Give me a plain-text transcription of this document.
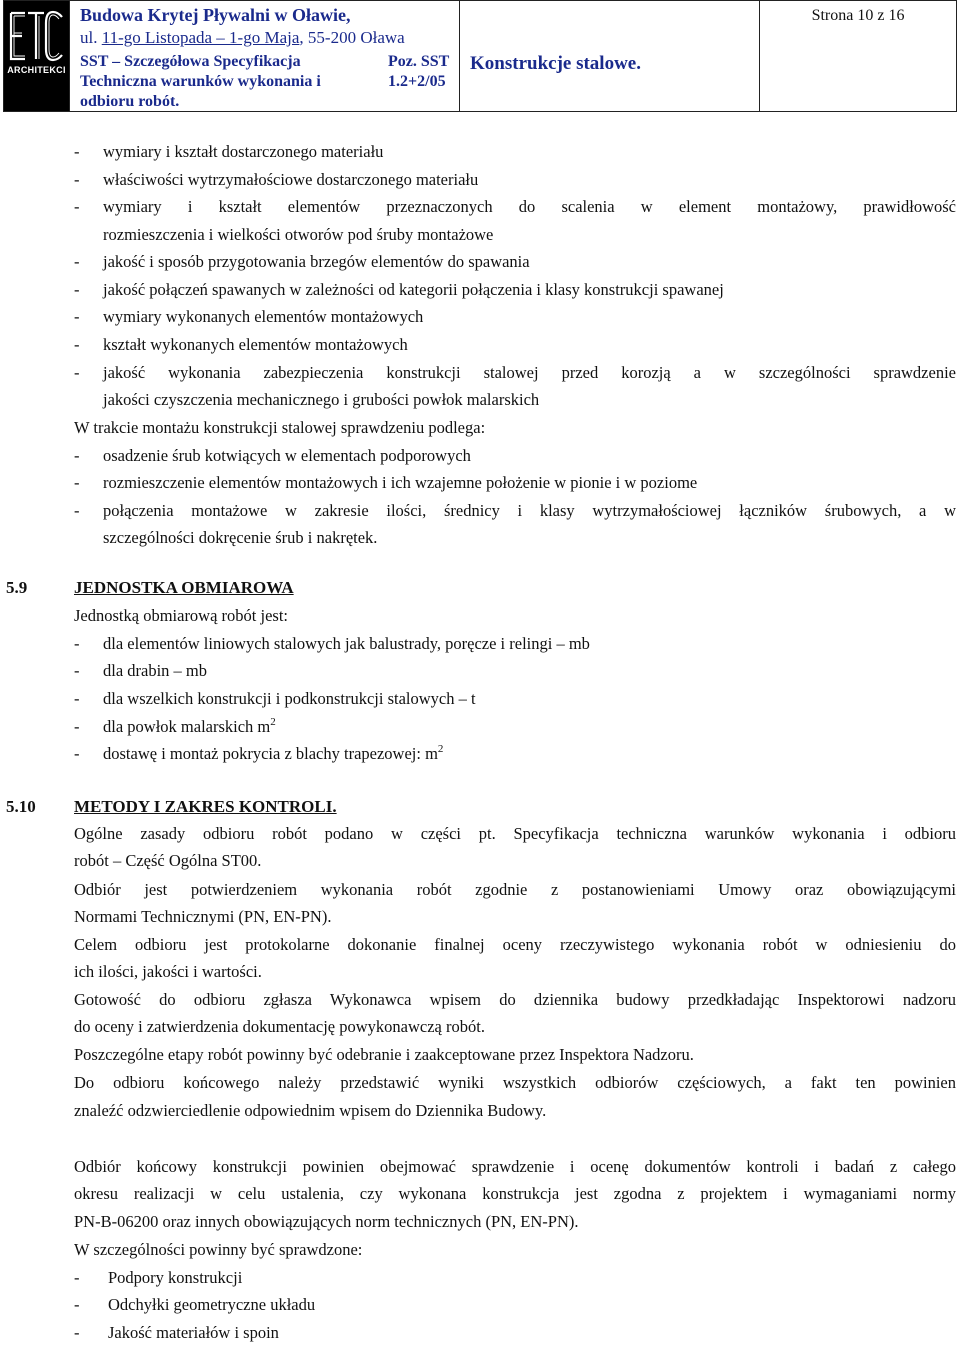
ARCHITEKCI
Budowa Krytej Pływalni w Oławie,
ul. 11-go Listopada – 1-go Maja, 55-200 Oława
SST – Szczegółowa Specyfikacja
Techniczna warunków wykonania i
odbioru robót.
Poz. SST
1.2+2/05
Konstrukcje stalowe.
Strona 10 z 16
- wymiary i kształt dostarczonego materiału
- właściwości wytrzymałościowe dostarczonego materiału
- wymiary i kształt elementów przeznaczonych do scalenia w element montażowy, prawidłowość
rozmieszczenia i wielkości otworów pod śruby montażowe
- jakość i sposób przygotowania brzegów elementów do spawania
- jakość połączeń spawanych w zależności od kategorii połączenia i klasy konstrukcji spawanej
- wymiary wykonanych elementów montażowych
- kształt wykonanych elementów montażowych
- jakość wykonania zabezpieczenia konstrukcji stalowej przed korozją a w szczególności sprawdzenie
jakości czyszczenia mechanicznego i grubości powłok malarskich
W trakcie montażu konstrukcji stalowej sprawdzeniu podlega:
- osadzenie śrub kotwiących w elementach podporowych
- rozmieszczenie elementów montażowych i ich wzajemne położenie w pionie i w poziome
- połączenia montażowe w zakresie ilości, średnicy i klasy wytrzymałościowej łączników śrubowych, a w
szczególności dokręcenie śrub i nakrętek.
5.9	JEDNOSTKA OBMIAROWA
Jednostką obmiarową robót jest:
- dla elementów liniowych stalowych jak balustrady, poręcze i relingi – mb
- dla drabin – mb
- dla wszelkich konstrukcji i podkonstrukcji stalowych – t
- dla powłok malarskich $m^2$
- dostawę i montaż pokrycia z blachy trapezowej: $m^2$
5.10 METODY I ZAKRES KONTROLI.
Ogólne zasady odbioru robót podano w części pt. Specyfikacja techniczna warunków wykonania i odbioru
robót – Część Ogólna ST00.
Odbiór jest potwierdzeniem wykonania robót zgodnie z postanowieniami Umowy oraz obowiązującymi
Normami Technicznymi (PN, EN-PN).
Celem odbioru jest protokolarne dokonanie finalnej oceny rzeczywistego wykonania robót w odniesieniu do
ich ilości, jakości i wartości.
Gotowość do odbioru zgłasza Wykonawca wpisem do dziennika budowy przedkładając Inspektorowi nadzoru
do oceny i zatwierdzenia dokumentację powykonawczą robót.
Poszczególne etapy robót powinny być odebranie i zaakceptowane przez Inspektora Nadzoru.
Do odbioru końcowego należy przedstawić wyniki wszystkich odbiorów częściowych, a fakt ten powinien
znaleźć odzwierciedlenie odpowiednim wpisem do Dziennika Budowy.
Odbiór końcowy konstrukcji powinien obejmować sprawdzenie i ocenę dokumentów kontroli i badań z całego
okresu realizacji w celu ustalenia, czy wykonana konstrukcja jest zgodna z projektem i wymaganiami normy
PN-B-06200 oraz innych obowiązujących norm technicznych (PN, EN-PN).
W szczególności powinny być sprawdzone:
- Podpory konstrukcji
- Odchyłki geometryczne układu
- Jakość materiałów i spoin
